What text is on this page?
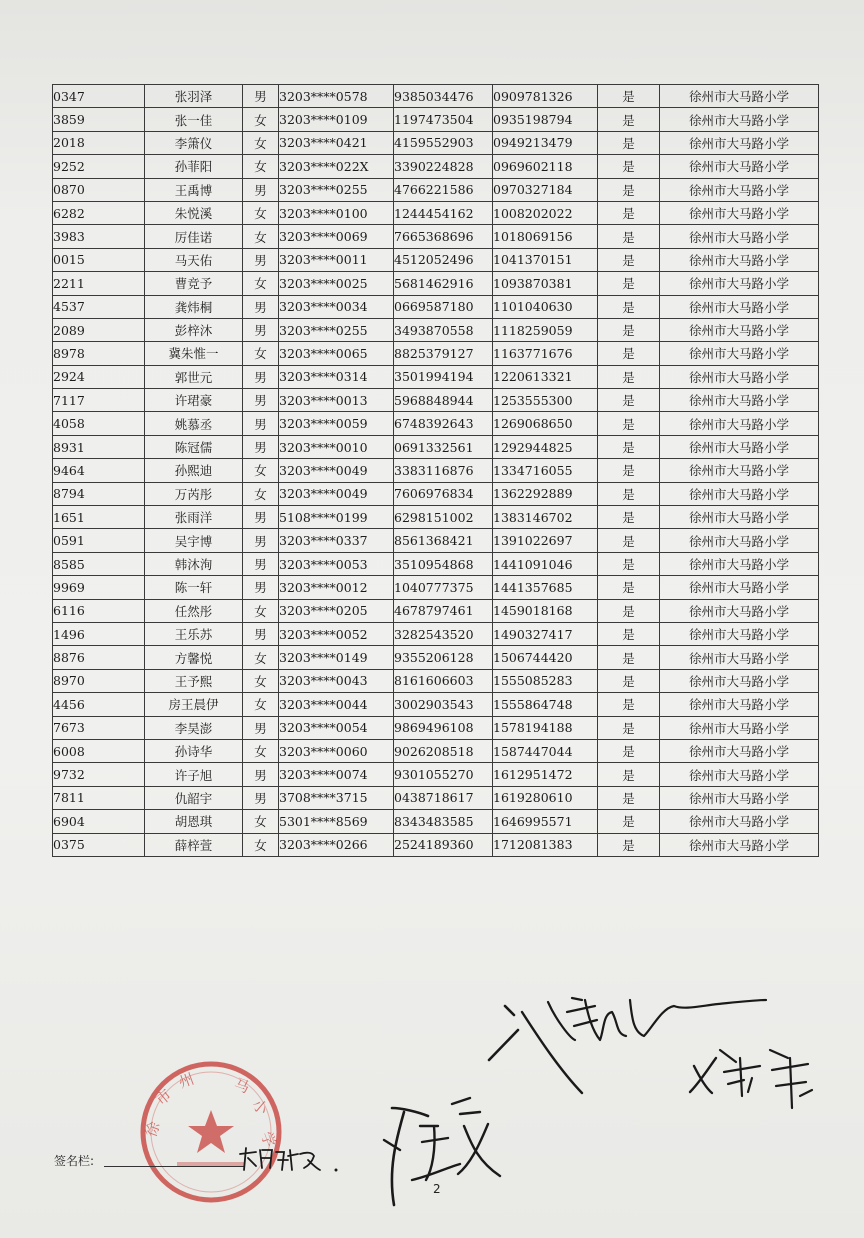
0347	张羽泽	男	3203****0578	9385034476	0909781326	是	徐州市大马路小学
3859	张一佳	女	3203****0109	1197473504	0935198794	是	徐州市大马路小学
2018	李箫仪	女	3203****0421	4159552903	0949213479	是	徐州市大马路小学
9252	孙菲阳	女	3203****022X	3390224828	0969602118	是	徐州市大马路小学
0870	王禹博	男	3203****0255	4766221586	0970327184	是	徐州市大马路小学
6282	朱悦溪	女	3203****0100	1244454162	1008202022	是	徐州市大马路小学
3983	厉佳诺	女	3203****0069	7665368696	1018069156	是	徐州市大马路小学
0015	马天佑	男	3203****0011	4512052496	1041370151	是	徐州市大马路小学
2211	曹竞予	女	3203****0025	5681462916	1093870381	是	徐州市大马路小学
4537	龚炜桐	男	3203****0034	0669587180	1101040630	是	徐州市大马路小学
2089	彭梓沐	男	3203****0255	3493870558	1118259059	是	徐州市大马路小学
8978	冀朱惟一	女	3203****0065	8825379127	1163771676	是	徐州市大马路小学
2924	郭世元	男	3203****0314	3501994194	1220613321	是	徐州市大马路小学
7117	许珺豪	男	3203****0013	5968848944	1253555300	是	徐州市大马路小学
4058	姚慕丞	男	3203****0059	6748392643	1269068650	是	徐州市大马路小学
8931	陈冠儒	男	3203****0010	0691332561	1292944825	是	徐州市大马路小学
9464	孙熙迪	女	3203****0049	3383116876	1334716055	是	徐州市大马路小学
8794	万芮彤	女	3203****0049	7606976834	1362292889	是	徐州市大马路小学
1651	张雨洋	男	5108****0199	6298151002	1383146702	是	徐州市大马路小学
0591	吴宇博	男	3203****0337	8561368421	1391022697	是	徐州市大马路小学
8585	韩沐洵	男	3203****0053	3510954868	1441091046	是	徐州市大马路小学
9969	陈一轩	男	3203****0012	1040777375	1441357685	是	徐州市大马路小学
6116	任然彤	女	3203****0205	4678797461	1459018168	是	徐州市大马路小学
1496	王乐苏	男	3203****0052	3282543520	1490327417	是	徐州市大马路小学
8876	方馨悦	女	3203****0149	9355206128	1506744420	是	徐州市大马路小学
8970	王予熙	女	3203****0043	8161606603	1555085283	是	徐州市大马路小学
4456	房王晨伊	女	3203****0044	3002903543	1555864748	是	徐州市大马路小学
7673	李昊澎	男	3203****0054	9869496108	1578194188	是	徐州市大马路小学
6008	孙诗华	女	3203****0060	9026208518	1587447044	是	徐州市大马路小学
9732	许子旭	男	3203****0074	9301055270	1612951472	是	徐州市大马路小学
7811	仇韶宇	男	3708****3715	0438718617	1619280610	是	徐州市大马路小学
6904	胡恩琪	女	5301****8569	8343483585	1646995571	是	徐州市大马路小学
0375	薛梓萱	女	3203****0266	2524189360	1712081383	是	徐州市大马路小学
市
州 马
小
学
徐
签名栏:
2
